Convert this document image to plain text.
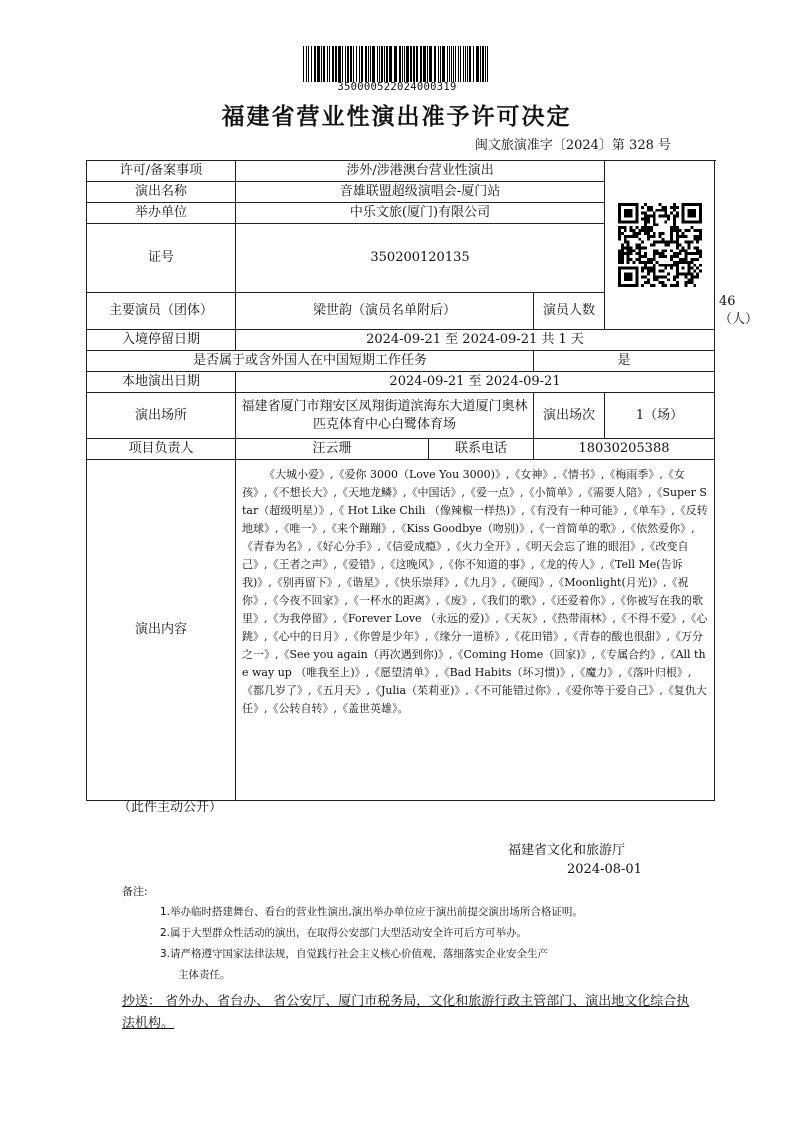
350000522024000319
福建省营业性演出准予许可决定
闽文旅演准字〔2024〕第 328 号
许可/备案事项	涉外/涉港澳台营业性演出	

演出名称	音雄联盟超级演唱会-厦门站				
举办单位	中乐文旅(厦门)有限公司				
证号	350200120135				
主要演员（团体）	梁世韵（演员名单附后）		演员人数		46（人）
入境停留日期	2024-09-21 至 2024-09-21 共 1 天				
是否属于或含外国人在中国短期工作任务			是		
本地演出日期	2024-09-21 至 2024-09-21				
演出场所	福建省厦门市翔安区凤翔街道滨海东大道厦门奥林匹克体育中心白鹭体育场		演出场次	1（场）	
项目负责人	汪云珊	联系电话	18030205388		
演出内容	《大城小爱》,《爱你 3000（Love You 3000)》,《女神》,《情书》,《梅雨季》,《女孩》,《不想长大》,《天地龙鳞》,《中国话》,《爱一点》,《小简单》,《需要人陪》,《Super Star（超级明星）》,《 Hot Like Chili （像辣椒一样热)》,《有没有一种可能》,《单车》,《反转地球》,《唯一》,《来个蹦蹦》,《Kiss Goodbye（吻别)》,《一首简单的歌》,《依然爱你》,《青春为名》,《好心分手》,《信爱成瘾》,《火力全开》,《明天会忘了谁的眼泪》,《改变自己》,《王者之声》,《爱错》,《这晚风》,《你不知道的事》,《龙的传人》,《Tell Me(告诉我)》,《别再留下》,《谐星》,《快乐崇拜》,《九月》,《硬闯》,《Moonlight(月光)》,《祝你》,《今夜不回家》,《一杯水的距离》,《废》,《我们的歌》,《还爱着你》,《你被写在我的歌里》,《为我停留》,《Forever Love （永远的爱)》,《天灰》,《热带雨林》,《不得不爱》,《心跳》,《心中的日月》,《你曾是少年》,《缘分一道桥》,《花田错》,《青春的酸也很甜》,《万分之一》,《See you again（再次遇到你)》,《Coming Home（回家)》,《专属合约》,《All the way up （唯我至上)》,《愿望清单》,《Bad Habits（坏习惯)》,《魔力》,《落叶归根》,《都几岁了》,《五月天》,《Julia（茱莉亚)》,《不可能错过你》,《爱你等于爱自己》,《复仇大任》,《公转自转》,《盖世英雄》。				
（此件主动公开）
福建省文化和旅游厅
2024-08-01
备注:
1.举办临时搭建舞台、看台的营业性演出,演出举办单位应于演出前提交演出场所合格证明。
2.属于大型群众性活动的演出，在取得公安部门大型活动安全许可后方可举办。
3.请严格遵守国家法律法规，自觉践行社会主义核心价值观，落细落实企业安全生产
主体责任。
抄送： 省外办、省台办、 省公安厅、厦门市税务局，文化和旅游行政主管部门、演出地文化综合执法机构。
